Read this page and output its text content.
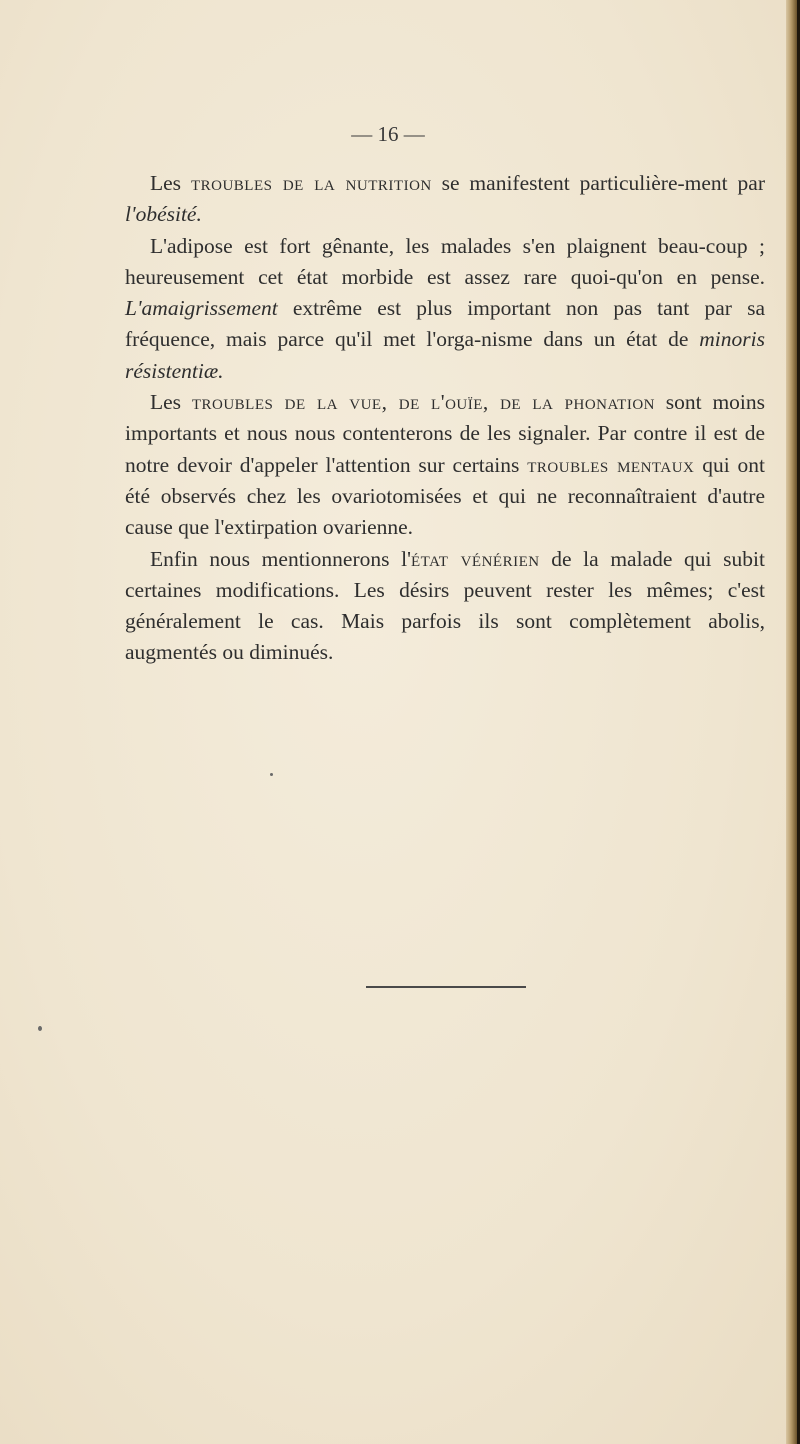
— 16 —

Les troubles de la nutrition se manifestent particulière-ment par l'obésité.

L'adipose est fort gênante, les malades s'en plaignent beau-coup ; heureusement cet état morbide est assez rare quoi-qu'on en pense. L'amaigrissement extrême est plus important non pas tant par sa fréquence, mais parce qu'il met l'orga-nisme dans un état de minoris résistentiæ.

Les troubles de la vue, de l'ouïe, de la phonation sont moins importants et nous nous contenterons de les signaler. Par contre il est de notre devoir d'appeler l'attention sur certains troubles mentaux qui ont été observés chez les ovariotomisées et qui ne reconnaîtraient d'autre cause que l'extirpation ovarienne.

Enfin nous mentionnerons l'état vénérien de la malade qui subit certaines modifications. Les désirs peuvent rester les mêmes; c'est généralement le cas. Mais parfois ils sont complètement abolis, augmentés ou diminués.
